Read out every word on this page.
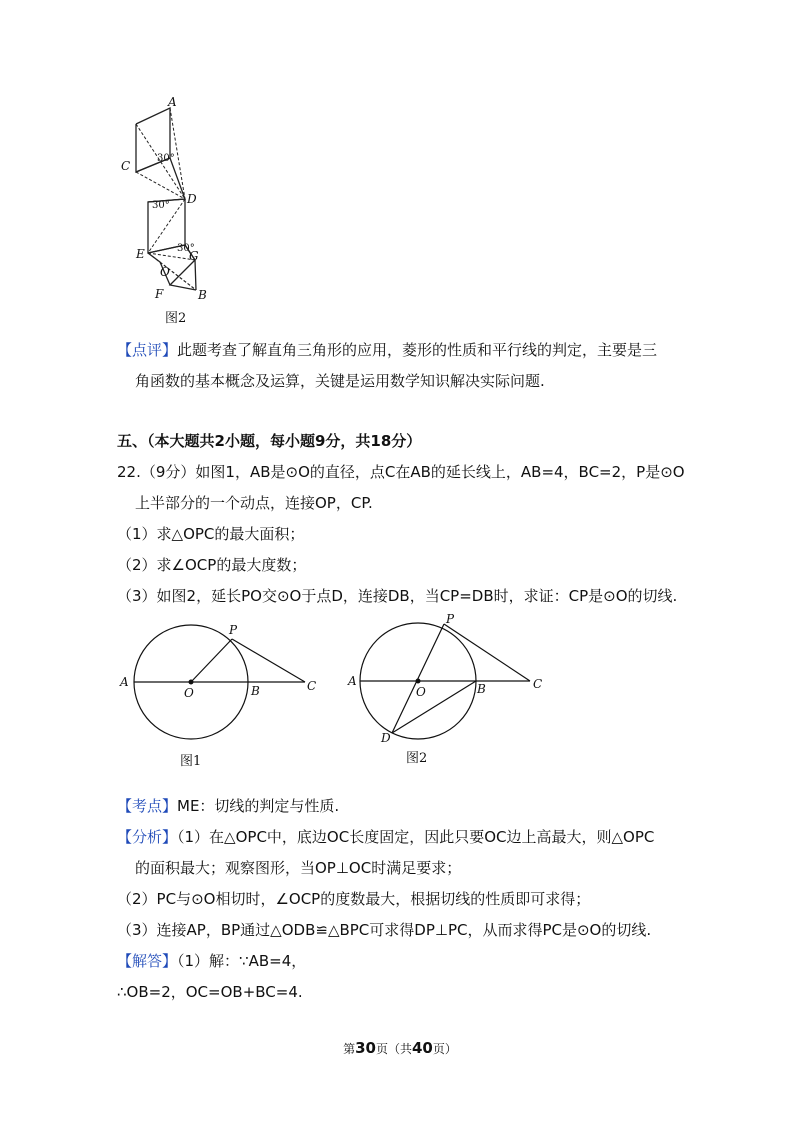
A
C
D
E	G
O
F	B
30°
30°
30°
图2
【点评】此题考查了解直角三角形的应用，菱形的性质和平行线的判定，主要是三
角函数的基本概念及运算，关键是运用数学知识解决实际问题.
五、（本大题共2小题，每小题9分，共18分）
22.（9分）如图1，AB是⊙O的直径，点C在AB的延长线上，AB=4，BC=2，P是⊙O
上半部分的一个动点，连接OP，CP.
（1）求△OPC的最大面积；
（2）求∠OCP的最大度数；
（3）如图2，延长PO交⊙O于点D，连接DB，当CP=DB时，求证：CP是⊙O的切线.
A
O	B	C
P
图1
A
O	B	C
P
D
图2
【考点】ME：切线的判定与性质.
【分析】（1）在△OPC中，底边OC长度固定，因此只要OC边上高最大，则△OPC
的面积最大；观察图形，当OP⊥OC时满足要求；
（2）PC与⊙O相切时，∠OCP的度数最大，根据切线的性质即可求得；
（3）连接AP，BP通过△ODB≌△BPC可求得DP⊥PC，从而求得PC是⊙O的切线.
【解答】（1）解：∵AB=4，
∴OB=2，OC=OB+BC=4.
第30页（共40页）
